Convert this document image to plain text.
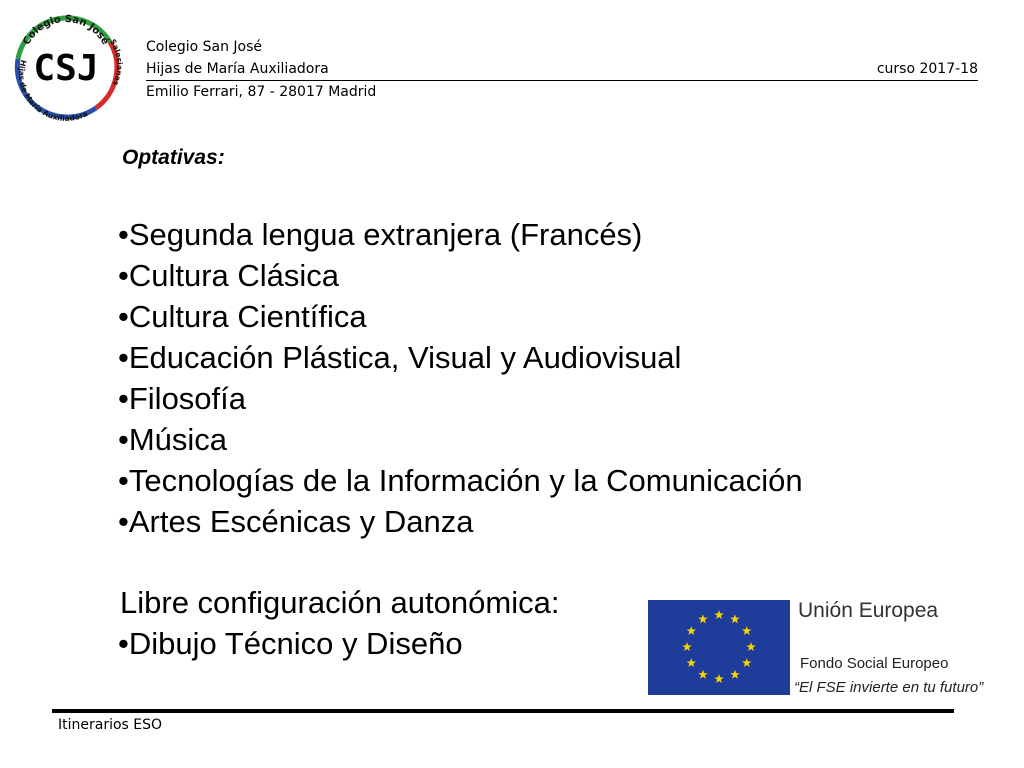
Colegio San José
Hijas de María Auxiliadora
Salesianas
CSJ
Colegio San José
Hijas de María Auxiliadora	curso 2017-18
Emilio Ferrari, 87 - 28017 Madrid
Optativas:
•Segunda lengua extranjera (Francés)
•Cultura Clásica
•Cultura Científica
•Educación Plástica, Visual y Audiovisual
•Filosofía
•Música
•Tecnologías de la Información y la Comunicación
•Artes Escénicas y Danza
Libre configuración autonómica:
•Dibujo Técnico y Diseño
Unión Europea
Fondo Social Europeo
“El FSE invierte en tu futuro”
Itinerarios ESO
